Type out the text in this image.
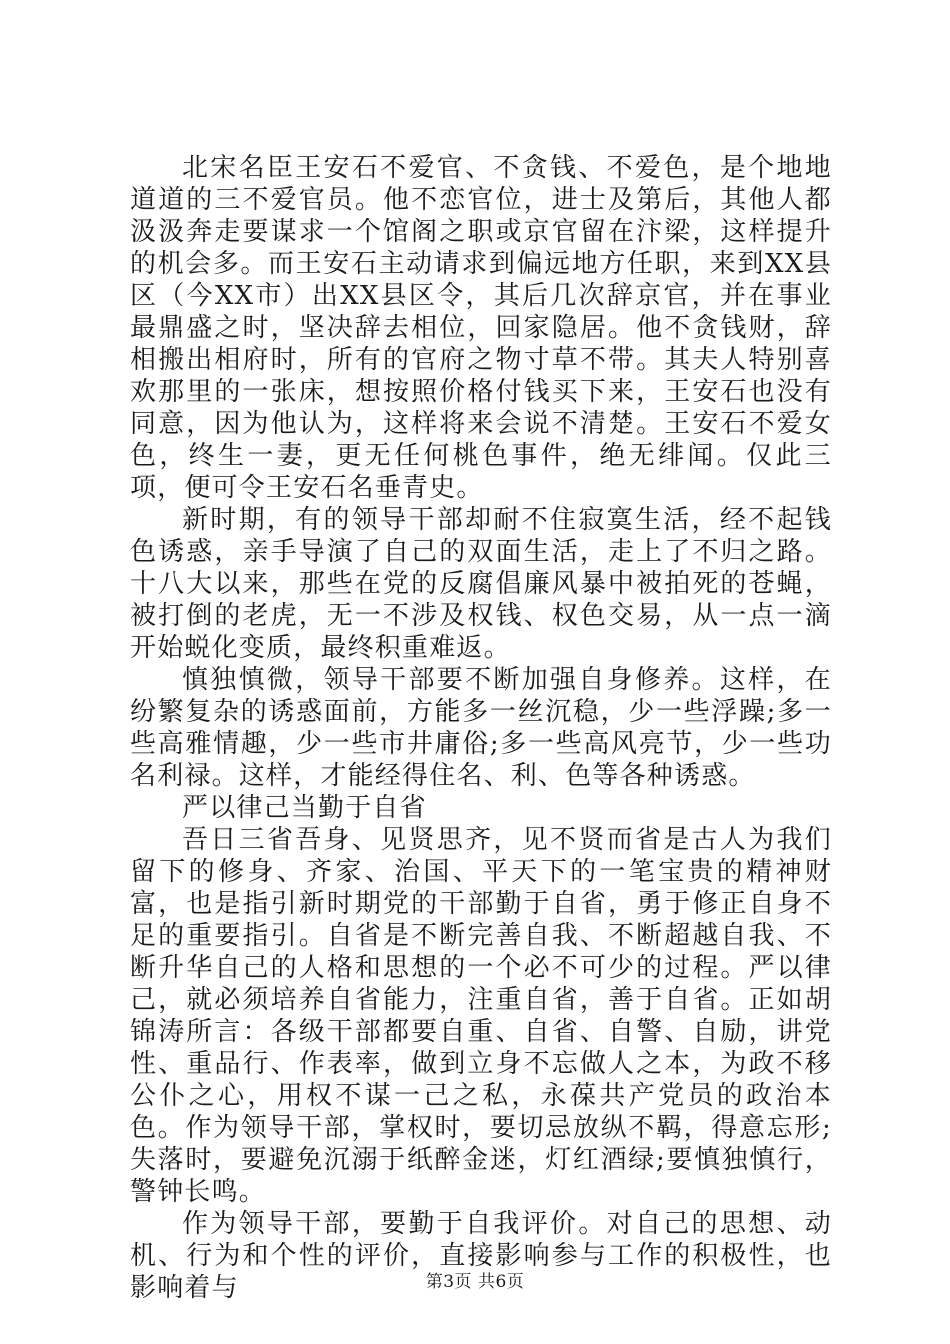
北宋名臣王安石不爱官、不贪钱、不爱色，是个地地道道的三不爱官员。他不恋官位，进士及第后，其他人都汲汲奔走要谋求一个馆阁之职或京官留在汴梁，这样提升的机会多。而王安石主动请求到偏远地方任职，来到XX县区（今XX市）出XX县区令，其后几次辞京官，并在事业最鼎盛之时，坚决辞去相位，回家隐居。他不贪钱财，辞相搬出相府时，所有的官府之物寸草不带。其夫人特别喜欢那里的一张床，想按照价格付钱买下来，王安石也没有同意，因为他认为，这样将来会说不清楚。王安石不爱女色，终生一妻，更无任何桃色事件，绝无绯闻。仅此三项，便可令王安石名垂青史。

新时期，有的领导干部却耐不住寂寞生活，经不起钱色诱惑，亲手导演了自己的双面生活，走上了不归之路。十八大以来，那些在党的反腐倡廉风暴中被拍死的苍蝇，被打倒的老虎，无一不涉及权钱、权色交易，从一点一滴开始蜕化变质，最终积重难返。

慎独慎微，领导干部要不断加强自身修养。这样，在纷繁复杂的诱惑面前，方能多一丝沉稳，少一些浮躁;多一些高雅情趣，少一些市井庸俗;多一些高风亮节，少一些功名利禄。这样，才能经得住名、利、色等各种诱惑。

严以律己当勤于自省

吾日三省吾身、见贤思齐，见不贤而省是古人为我们留下的修身、齐家、治国、平天下的一笔宝贵的精神财富，也是指引新时期党的干部勤于自省，勇于修正自身不足的重要指引。自省是不断完善自我、不断超越自我、不断升华自己的人格和思想的一个必不可少的过程。严以律己，就必须培养自省能力，注重自省，善于自省。正如胡锦涛所言：各级干部都要自重、自省、自警、自励，讲党性、重品行、作表率，做到立身不忘做人之本，为政不移公仆之心，用权不谋一己之私，永葆共产党员的政治本色。作为领导干部，掌权时，要切忌放纵不羁，得意忘形;失落时，要避免沉溺于纸醉金迷，灯红酒绿;要慎独慎行，警钟长鸣。

作为领导干部，要勤于自我评价。对自己的思想、动机、行为和个性的评价，直接影响参与工作的积极性，也影响着与	第3页 共6页
